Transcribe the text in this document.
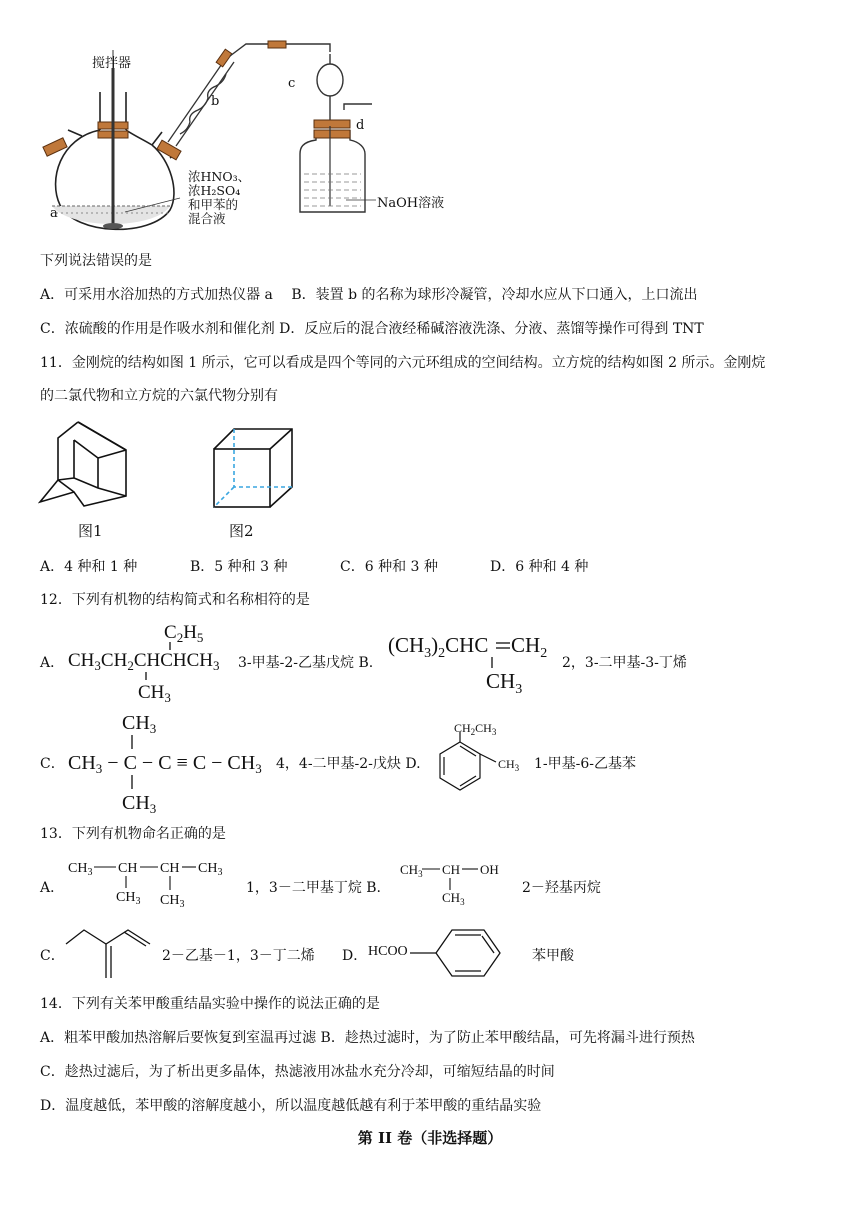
搅拌器
a
b
c
d
浓HNO₃、
浓H₂SO₄
和甲苯的
混合液
NaOH溶液
下列说法错误的是
A．可采用水浴加热的方式加热仪器 a　 B．装置 b 的名称为球形冷凝管，冷却水应从下口通入，上口流出
C．浓硫酸的作用是作吸水剂和催化剂 D．反应后的混合液经稀碱溶液洗涤、分液、蒸馏等操作可得到 TNT
11．金刚烷的结构如图 1 所示，它可以看成是四个等同的六元环组成的空间结构。立方烷的结构如图 2 所示。金刚烷
的二氯代物和立方烷的六氯代物分别有
图1	图2
A．4 种和 1 种	B．5 种和 3 种	C．6 种和 3 种	D．6 种和 4 种
12．下列有机物的结构简式和名称相符的是
A．
$C_2H_5$
$CH_3CH_2CHCHCH_3$
$CH_3$
3-甲基-2-乙基戊烷 B.
$(CH_3)_2CHC$ $CH_2$
$CH_3$
2，3-二甲基-3-丁烯
C．
$CH_3$
$CH_3 - C - C \equiv C - CH_3$
$CH_3$
4，4-二甲基-2-戊炔 D.
$CH_2CH_3$
$CH_3$ 1-甲基-6-乙基苯
13．下列有机物命名正确的是
A．
$CH_3$ CH CH $CH_3$
$CH_3$ $CH_3$
1，3－二甲基丁烷 B.
$CH_3$ CH OH
$CH_3$
2－羟基丙烷
C．	2－乙基－1，3－丁二烯 D． HCOO	苯甲酸
14．下列有关苯甲酸重结晶实验中操作的说法正确的是
A．粗苯甲酸加热溶解后要恢复到室温再过滤 B．趁热过滤时，为了防止苯甲酸结晶，可先将漏斗进行预热
C．趁热过滤后，为了析出更多晶体，热滤液用冰盐水充分冷却，可缩短结晶的时间
D．温度越低，苯甲酸的溶解度越小，所以温度越低越有利于苯甲酸的重结晶实验
第 II 卷（非选择题）
